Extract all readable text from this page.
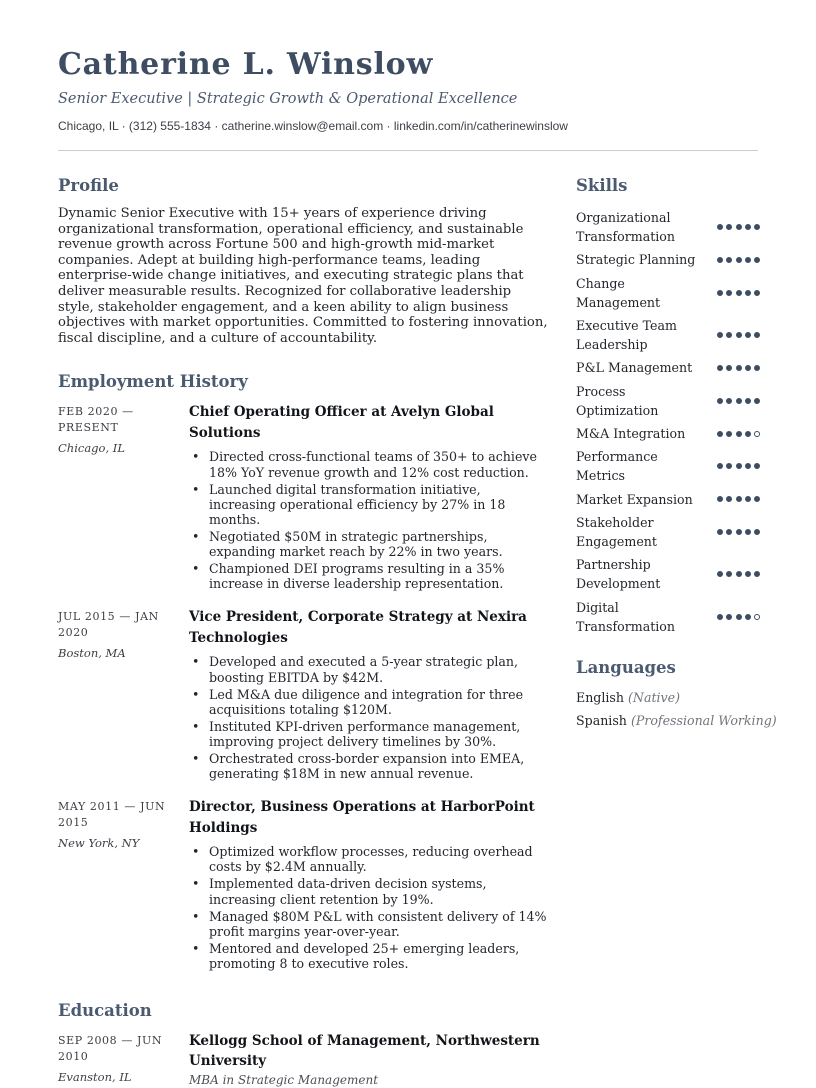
Catherine L. Winslow
Senior Executive | Strategic Growth & Operational Excellence
Chicago, IL · (312) 555-1834 · catherine.winslow@email.com · linkedin.com/in/catherinewinslow
Profile
Dynamic Senior Executive with 15+ years of experience driving organizational transformation, operational efficiency, and sustainable revenue growth across Fortune 500 and high-growth mid-market companies. Adept at building high-performance teams, leading enterprise-wide change initiatives, and executing strategic plans that deliver measurable results. Recognized for collaborative leadership style, stakeholder engagement, and a keen ability to align business objectives with market opportunities. Committed to fostering innovation, fiscal discipline, and a culture of accountability.
Employment History
FEB 2020 — PRESENT
Chicago, IL
Chief Operating Officer at Avelyn Global Solutions
• Directed cross-functional teams of 350+ to achieve 18% YoY revenue growth and 12% cost reduction.
• Launched digital transformation initiative, increasing operational efficiency by 27% in 18 months.
• Negotiated $50M in strategic partnerships, expanding market reach by 22% in two years.
• Championed DEI programs resulting in a 35% increase in diverse leadership representation.
JUL 2015 — JAN 2020
Boston, MA
Vice President, Corporate Strategy at Nexira Technologies
• Developed and executed a 5-year strategic plan, boosting EBITDA by $42M.
• Led M&A due diligence and integration for three acquisitions totaling $120M.
• Instituted KPI-driven performance management, improving project delivery timelines by 30%.
• Orchestrated cross-border expansion into EMEA, generating $18M in new annual revenue.
MAY 2011 — JUN 2015
New York, NY
Director, Business Operations at HarborPoint Holdings
• Optimized workflow processes, reducing overhead costs by $2.4M annually.
• Implemented data-driven decision systems, increasing client retention by 19%.
• Managed $80M P&L with consistent delivery of 14% profit margins year-over-year.
• Mentored and developed 25+ emerging leaders, promoting 8 to executive roles.
Education
SEP 2008 — JUN 2010
Evanston, IL
Kellogg School of Management, Northwestern University
MBA in Strategic Management
Skills
Organizational Transformation
Strategic Planning
Change Management
Executive Team Leadership
P&L Management
Process Optimization
M&A Integration
Performance Metrics
Market Expansion
Stakeholder Engagement
Partnership Development
Digital Transformation
Languages
English (Native)
Spanish (Professional Working)
